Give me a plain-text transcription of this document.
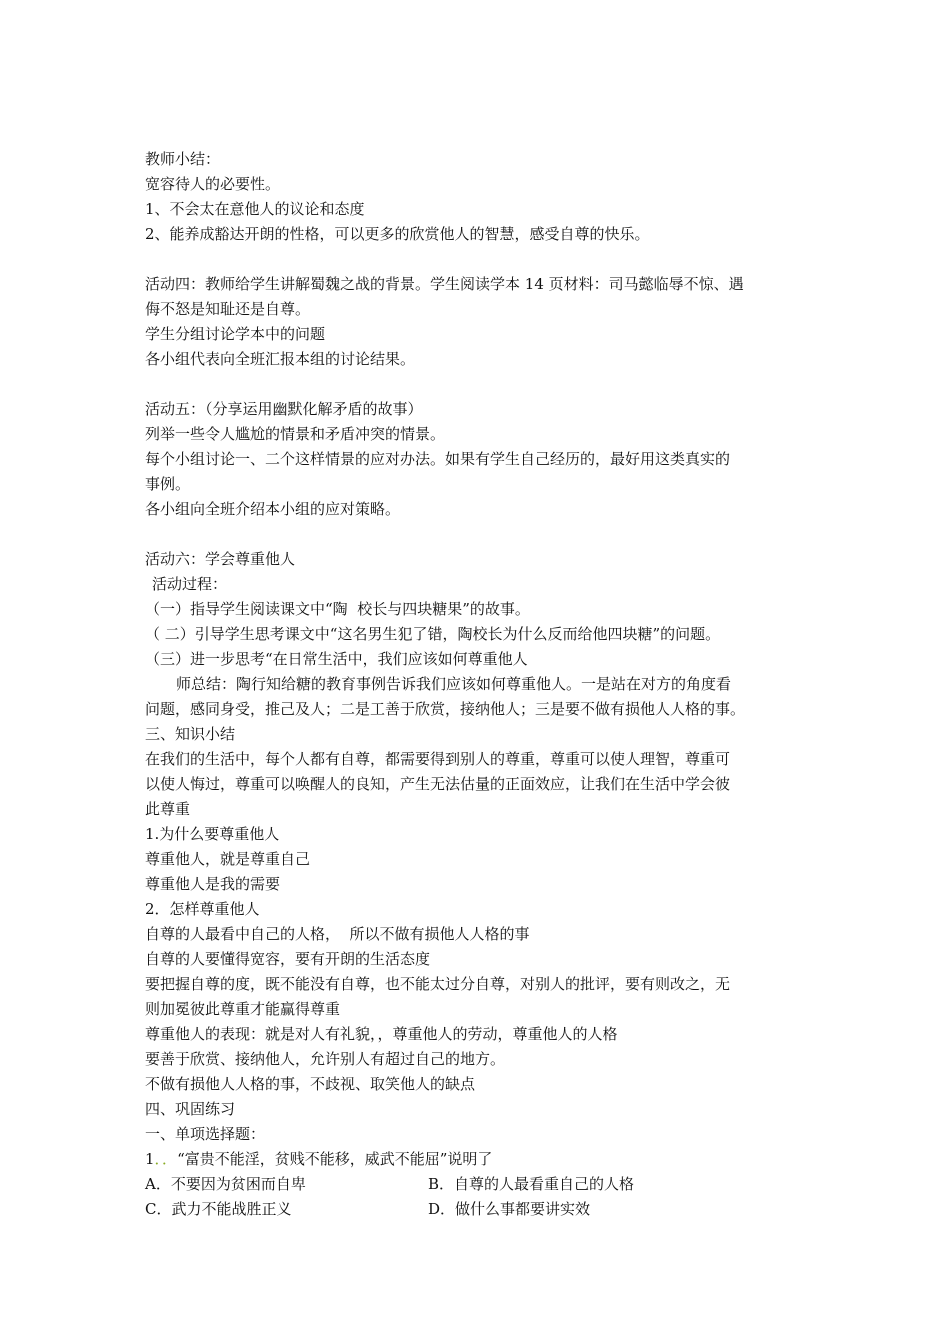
教师小结：

宽容待人的必要性。

1、不会太在意他人的议论和态度

2、能养成豁达开朗的性格，可以更多的欣赏他人的智慧，感受自尊的快乐。

活动四：教师给学生讲解蜀魏之战的背景。学生阅读学本 14 页材料：司马懿临辱不惊、遇

侮不怒是知耻还是自尊。

学生分组讨论学本中的问题

各小组代表向全班汇报本组的讨论结果。

活动五：（分享运用幽默化解矛盾的故事）

列举一些令人尴尬的情景和矛盾冲突的情景。

每个小组讨论一、二个这样情景的应对办法。如果有学生自己经历的，最好用这类真实的

事例。

各小组向全班介绍本小组的应对策略。

活动六：学会尊重他人

活动过程：

（一）指导学生阅读课文中“陶  校长与四块糖果”的故事。

（ 二）引导学生思考课文中“这名男生犯了错，陶校长为什么反而给他四块糖”的问题。

（三）进一步思考“在日常生活中，我们应该如何尊重他人

师总结：陶行知给糖的教育事例告诉我们应该如何尊重他人。一是站在对方的角度看

问题，感同身受，推己及人；二是工善于欣赏，接纳他人；三是要不做有损他人人格的事。

三、知识小结

在我们的生活中，每个人都有自尊，都需要得到别人的尊重，尊重可以使人理智，尊重可

以使人悔过，尊重可以唤醒人的良知，产生无法估量的正面效应，让我们在生活中学会彼

此尊重

1.为什么要尊重他人

尊重他人，就是尊重自己

尊重他人是我的需要

2．怎样尊重他人

自尊的人最看中自己的人格，  所以不做有损他人人格的事

自尊的人要懂得宽容，要有开朗的生活态度

要把握自尊的度，既不能没有自尊，也不能太过分自尊，对别人的批评，要有则改之，无

则加冕彼此尊重才能赢得尊重

尊重他人的表现：就是对人有礼貌，，尊重他人的劳动，尊重他人的人格

要善于欣赏、接纳他人，允许别人有超过自己的地方。

不做有损他人人格的事，不歧视、取笑他人的缺点

四、巩固练习

一、单项选择题：

1．．“富贵不能淫，贫贱不能移，威武不能屈”说明了

A．不要因为贫困而自卑	B．自尊的人最看重自己的人格
C．武力不能战胜正义	D．做什么事都要讲实效
